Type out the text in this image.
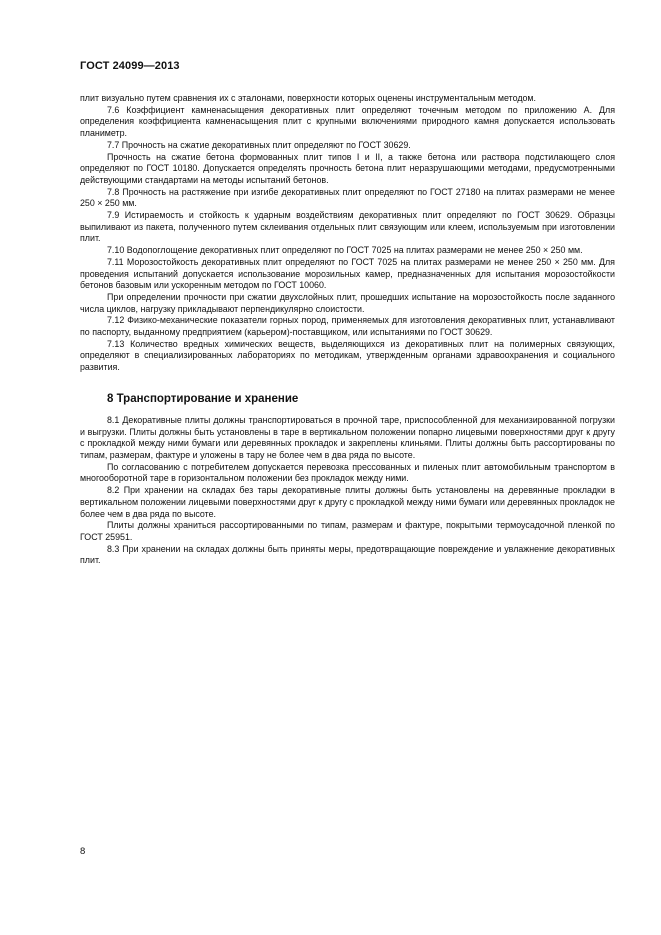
ГОСТ 24099—2013

плит визуально путем сравнения их с эталонами, поверхности которых оценены инструментальным методом.

7.6 Коэффициент камненасыщения декоративных плит определяют точечным методом по приложению А. Для определения коэффициента камненасыщения плит с крупными включениями природного камня допускается использовать планиметр.

7.7 Прочность на сжатие декоративных плит определяют по ГОСТ 30629.

Прочность на сжатие бетона формованных плит типов I и II, а также бетона или раствора подстилающего слоя определяют по ГОСТ 10180. Допускается определять прочность бетона плит неразрушающими методами, предусмотренными действующими стандартами на методы испытаний бетонов.

7.8 Прочность на растяжение при изгибе декоративных плит определяют по ГОСТ 27180 на плитах размерами не менее 250 × 250 мм.

7.9 Истираемость и стойкость к ударным воздействиям декоративных плит определяют по ГОСТ 30629. Образцы выпиливают из пакета, полученного путем склеивания отдельных плит связующим или клеем, используемым при изготовлении плит.

7.10 Водопоглощение декоративных плит определяют по ГОСТ 7025 на плитах размерами не менее 250 × 250 мм.

7.11 Морозостойкость декоративных плит определяют по ГОСТ 7025 на плитах размерами не менее 250 × 250 мм. Для проведения испытаний допускается использование морозильных камер, предназначенных для испытания морозостойкости бетонов базовым или ускоренным методом по ГОСТ 10060.

При определении прочности при сжатии двухслойных плит, прошедших испытание на морозостойкость после заданного числа циклов, нагрузку прикладывают перпендикулярно слоистости.

7.12 Физико-механические показатели горных пород, применяемых для изготовления декоративных плит, устанавливают по паспорту, выданному предприятием (карьером)-поставщиком, или испытаниями по ГОСТ 30629.

7.13 Количество вредных химических веществ, выделяющихся из декоративных плит на полимерных связующих, определяют в специализированных лабораториях по методикам, утвержденным органами здравоохранения и социального развития.

8 Транспортирование и хранение

8.1 Декоративные плиты должны транспортироваться в прочной таре, приспособленной для механизированной погрузки и выгрузки. Плиты должны быть установлены в таре в вертикальном положении попарно лицевыми поверхностями друг к другу с прокладкой между ними бумаги или деревянных прокладок и закреплены клиньями. Плиты должны быть рассортированы по типам, размерам, фактуре и уложены в тару не более чем в два ряда по высоте.

По согласованию с потребителем допускается перевозка прессованных и пиленых плит автомобильным транспортом в многооборотной таре в горизонтальном положении без прокладок между ними.

8.2 При хранении на складах без тары декоративные плиты должны быть установлены на деревянные прокладки в вертикальном положении лицевыми поверхностями друг к другу с прокладкой между ними бумаги или деревянных прокладок не более чем в два ряда по высоте.

Плиты должны храниться рассортированными по типам, размерам и фактуре, покрытыми термоусадочной пленкой по ГОСТ 25951.

8.3 При хранении на складах должны быть приняты меры, предотвращающие повреждение и увлажнение декоративных плит.

8
